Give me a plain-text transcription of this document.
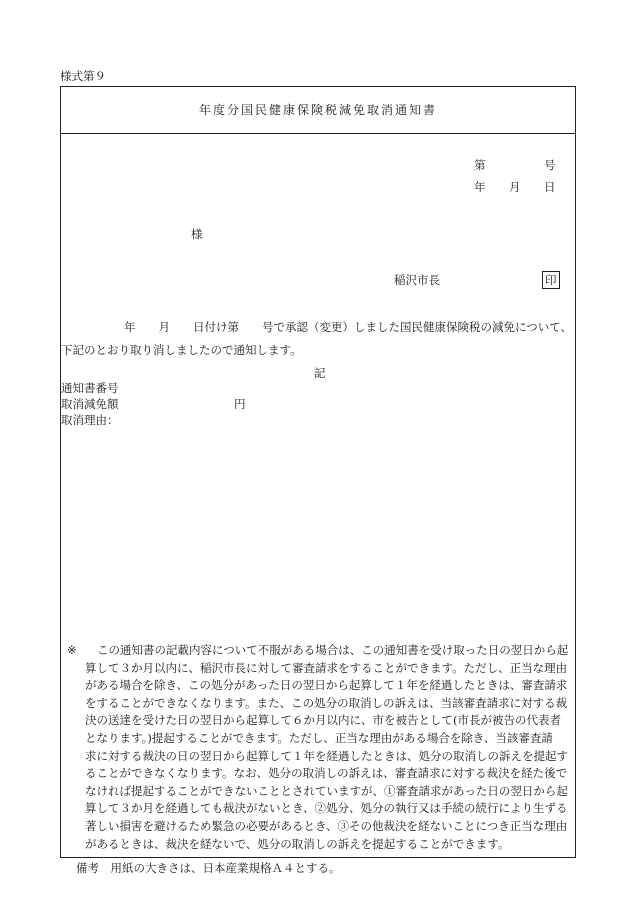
様式第９
年度分国民健康保険税減免取消通知書
第	号
年 月 日
様
稲沢市長	印
年　　月　　日付け第　　号で承認（変更）しました国民健康保険税の減免について、
下記のとおり取り消しましたので通知します。
記
通知書番号
取消減免額	円
取消理由：
※ この通知書の記載内容について不服がある場合は、この通知書を受け取った日の翌日から起
算して３か月以内に、稲沢市長に対して審査請求をすることができます。ただし、正当な理由
がある場合を除き、この処分があった日の翌日から起算して１年を経過したときは、審査請求
をすることができなくなります。また、この処分の取消しの訴えは、当該審査請求に対する裁
決の送達を受けた日の翌日から起算して６か月以内に、市を被告として(市長が被告の代表者
となります。)提起することができます。ただし、正当な理由がある場合を除き、当該審査請
求に対する裁決の日の翌日から起算して１年を経過したときは、処分の取消しの訴えを提起す
ることができなくなります。なお、処分の取消しの訴えは、審査請求に対する裁決を経た後で
なければ提起することができないこととされていますが、①審査請求があった日の翌日から起
算して３か月を経過しても裁決がないとき、②処分、処分の執行又は手続の続行により生ずる
著しい損害を避けるため緊急の必要があるとき、③その他裁決を経ないことにつき正当な理由
があるときは、裁決を経ないで、処分の取消しの訴えを提起することができます。
備考　用紙の大きさは、日本産業規格Ａ４とする。
